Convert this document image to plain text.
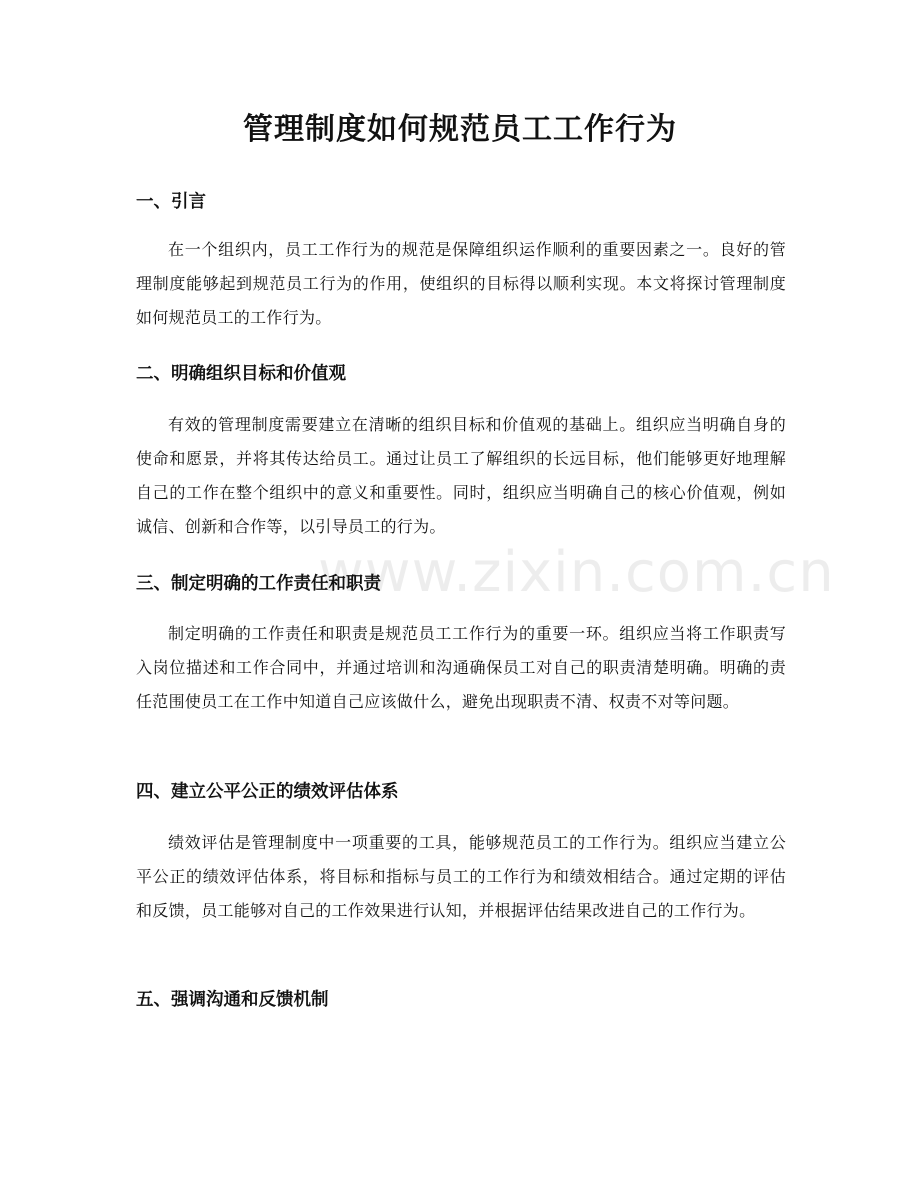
www.zixin.com.cn
管理制度如何规范员工工作行为
一、引言

在一个组织内，员工工作行为的规范是保障组织运作顺利的重要因素之一。良好的管理制度能够起到规范员工行为的作用，使组织的目标得以顺利实现。本文将探讨管理制度如何规范员工的工作行为。

二、明确组织目标和价值观

有效的管理制度需要建立在清晰的组织目标和价值观的基础上。组织应当明确自身的使命和愿景，并将其传达给员工。通过让员工了解组织的长远目标，他们能够更好地理解自己的工作在整个组织中的意义和重要性。同时，组织应当明确自己的核心价值观，例如诚信、创新和合作等，以引导员工的行为。

三、制定明确的工作责任和职责

制定明确的工作责任和职责是规范员工工作行为的重要一环。组织应当将工作职责写入岗位描述和工作合同中，并通过培训和沟通确保员工对自己的职责清楚明确。明确的责任范围使员工在工作中知道自己应该做什么，避免出现职责不清、权责不对等问题。

四、建立公平公正的绩效评估体系

绩效评估是管理制度中一项重要的工具，能够规范员工的工作行为。组织应当建立公平公正的绩效评估体系，将目标和指标与员工的工作行为和绩效相结合。通过定期的评估和反馈，员工能够对自己的工作效果进行认知，并根据评估结果改进自己的工作行为。

五、强调沟通和反馈机制
